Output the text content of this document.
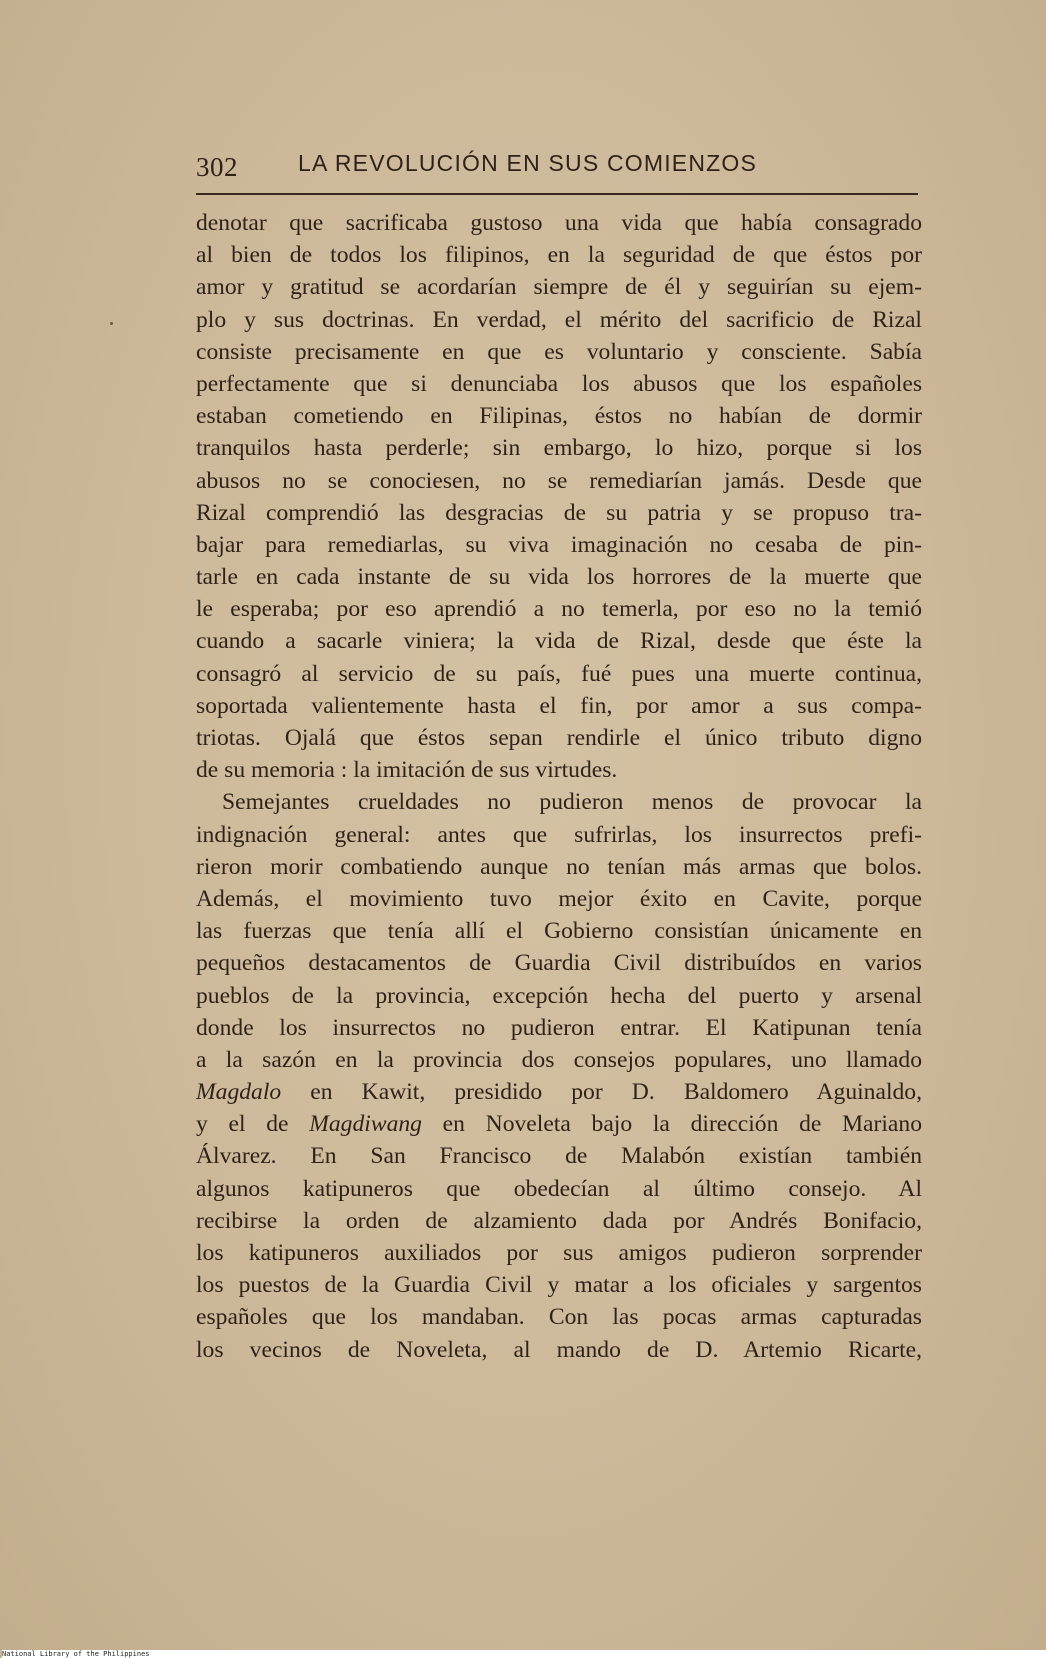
302	LA REVOLUCIÓN EN SUS COMIENZOS
denotar que sacrificaba gustoso una vida que había consagrado
al bien de todos los filipinos, en la seguridad de que éstos por
amor y gratitud se acordarían siempre de él y seguirían su ejem-
plo y sus doctrinas. En verdad, el mérito del sacrificio de Rizal
consiste precisamente en que es voluntario y consciente. Sabía
perfectamente que si denunciaba los abusos que los españoles
estaban cometiendo en Filipinas, éstos no habían de dormir
tranquilos hasta perderle; sin embargo, lo hizo, porque si los
abusos no se conociesen, no se remediarían jamás. Desde que
Rizal comprendió las desgracias de su patria y se propuso tra-
bajar para remediarlas, su viva imaginación no cesaba de pin-
tarle en cada instante de su vida los horrores de la muerte que
le esperaba; por eso aprendió a no temerla, por eso no la temió
cuando a sacarle viniera; la vida de Rizal, desde que éste la
consagró al servicio de su país, fué pues una muerte continua,
soportada valientemente hasta el fin, por amor a sus compa-
triotas. Ojalá que éstos sepan rendirle el único tributo digno
de su memoria : la imitación de sus virtudes.
Semejantes crueldades no pudieron menos de provocar la
indignación general: antes que sufrirlas, los insurrectos prefi-
rieron morir combatiendo aunque no tenían más armas que bolos.
Además, el movimiento tuvo mejor éxito en Cavite, porque
las fuerzas que tenía allí el Gobierno consistían únicamente en
pequeños destacamentos de Guardia Civil distribuídos en varios
pueblos de la provincia, excepción hecha del puerto y arsenal
donde los insurrectos no pudieron entrar. El Katipunan tenía
a la sazón en la provincia dos consejos populares, uno llamado
Magdalo en Kawit, presidido por D. Baldomero Aguinaldo,
y el de Magdiwang en Noveleta bajo la dirección de Mariano
Álvarez. En San Francisco de Malabón existían también
algunos katipuneros que obedecían al último consejo. Al
recibirse la orden de alzamiento dada por Andrés Bonifacio,
los katipuneros auxiliados por sus amigos pudieron sorprender
los puestos de la Guardia Civil y matar a los oficiales y sargentos
españoles que los mandaban. Con las pocas armas capturadas
los vecinos de Noveleta, al mando de D. Artemio Ricarte,
National Library of the Philippines
